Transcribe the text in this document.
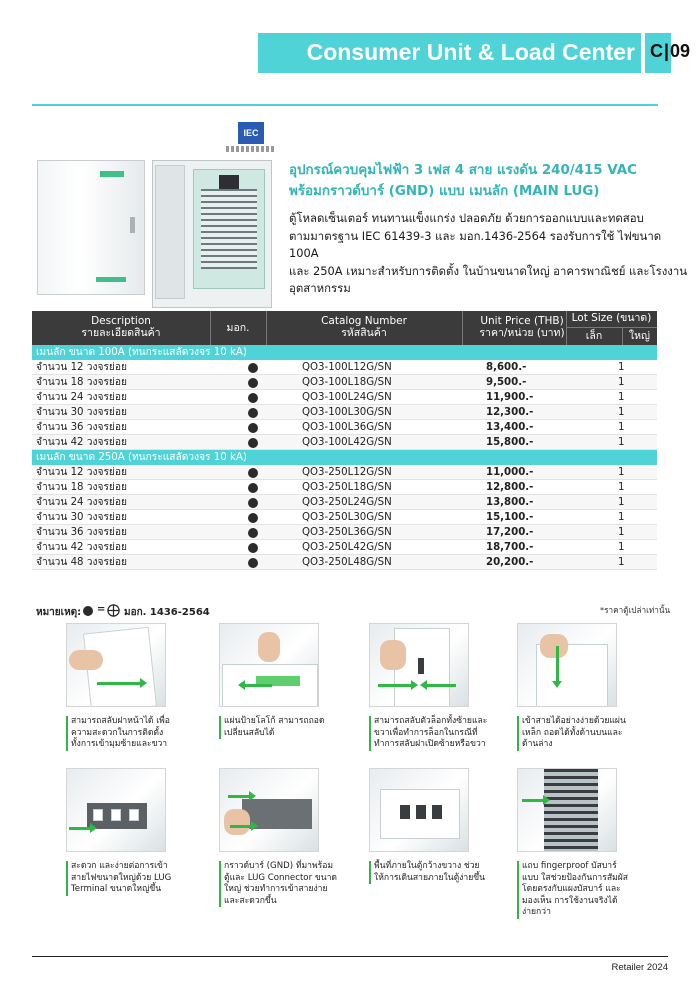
Consumer Unit & Load Center C|09
IEC
อุปกรณ์ควบคุมไฟฟ้า 3 เฟส 4 สาย แรงดัน 240/415 VAC
พร้อมกราวด์บาร์ (GND) แบบ เมนลัก (MAIN LUG)
ตู้โหลดเซ็นเตอร์ ทนทานแข็งแกร่ง ปลอดภัย ด้วยการออกแบบและทดสอบ
ตามมาตรฐาน IEC 61439-3 และ มอก.1436-2564 รองรับการใช้ ไฟขนาด 100A
และ 250A เหมาะสำหรับการติดตั้ง ในบ้านขนาดใหญ่ อาคารพาณิชย์ และโรงงาน
อุตสาหกรรม
Description
รายละเอียดสินค้า	มอก.
Catalog Number
รหัสสินค้า
Unit Price (THB)
ราคา/หน่วย (บาท)
Lot Size (ขนาด)
เล็ก	ใหญ่
เมนลัก ขนาด 100A (ทนกระแสลัดวงจร 10 kA)
จำนวน 12 วงจรย่อย	QO3-100L12G/SN	8,600.-	1
จำนวน 18 วงจรย่อย	QO3-100L18G/SN	9,500.-	1
จำนวน 24 วงจรย่อย	QO3-100L24G/SN	11,900.-	1
จำนวน 30 วงจรย่อย	QO3-100L30G/SN	12,300.-	1
จำนวน 36 วงจรย่อย	QO3-100L36G/SN	13,400.-	1
จำนวน 42 วงจรย่อย	QO3-100L42G/SN	15,800.-	1
เมนลัก ขนาด 250A (ทนกระแสลัดวงจร 10 kA)
จำนวน 12 วงจรย่อย	QO3-250L12G/SN	11,000.-	1
จำนวน 18 วงจรย่อย	QO3-250L18G/SN	12,800.-	1
จำนวน 24 วงจรย่อย	QO3-250L24G/SN	13,800.-	1
จำนวน 30 วงจรย่อย	QO3-250L30G/SN	15,100.-	1
จำนวน 36 วงจรย่อย	QO3-250L36G/SN	17,200.-	1
จำนวน 42 วงจรย่อย	QO3-250L42G/SN	18,700.-	1
จำนวน 48 วงจรย่อย	QO3-250L48G/SN	20,200.-	1
หมายเหตุ: = มอก. 1436-2564	*ราคาตู้เปล่าเท่านั้น
สามารถสลับฝาหน้าได้ เพื่อ
ความสะดวกในการติดตั้ง
ทั้งการเข้ามุมซ้ายและขวา
แผ่นป้ายโลโก้ สามารถถอด
เปลี่ยนสลับได้
สามารถสลับตัวล็อกทั้งซ้ายและ
ขวาเพื่อทำการล็อกในกรณีที่
ทำการสลับฝาเปิดซ้ายหรือขวา
เข้าสายได้อย่างง่ายด้วยแผ่น
เหล็ก ถอดได้ทั้งด้านบนและ
ด้านล่าง
สะดวก และง่ายต่อการเข้า
สายไฟขนาดใหญ่ด้วย LUG
Terminal ขนาดใหญ่ขึ้น
กราวด์บาร์ (GND) ที่มาพร้อม
ตู้และ LUG Connector ขนาด
ใหญ่ ช่วยทำการเข้าสายง่าย
และสะดวกขึ้น
พื้นที่ภายในตู้กว้างขวาง ช่วย
ให้การเดินสายภายในตู้ง่ายขึ้น
แถบ fingerproof บัสบาร์
แบบ ใสช่วยป้องกันการสัมผัส
โดยตรงกับแผงบัสบาร์ และ
มองเห็น การใช้งานจริงได้
ง่ายกว่า
Retailer 2024
